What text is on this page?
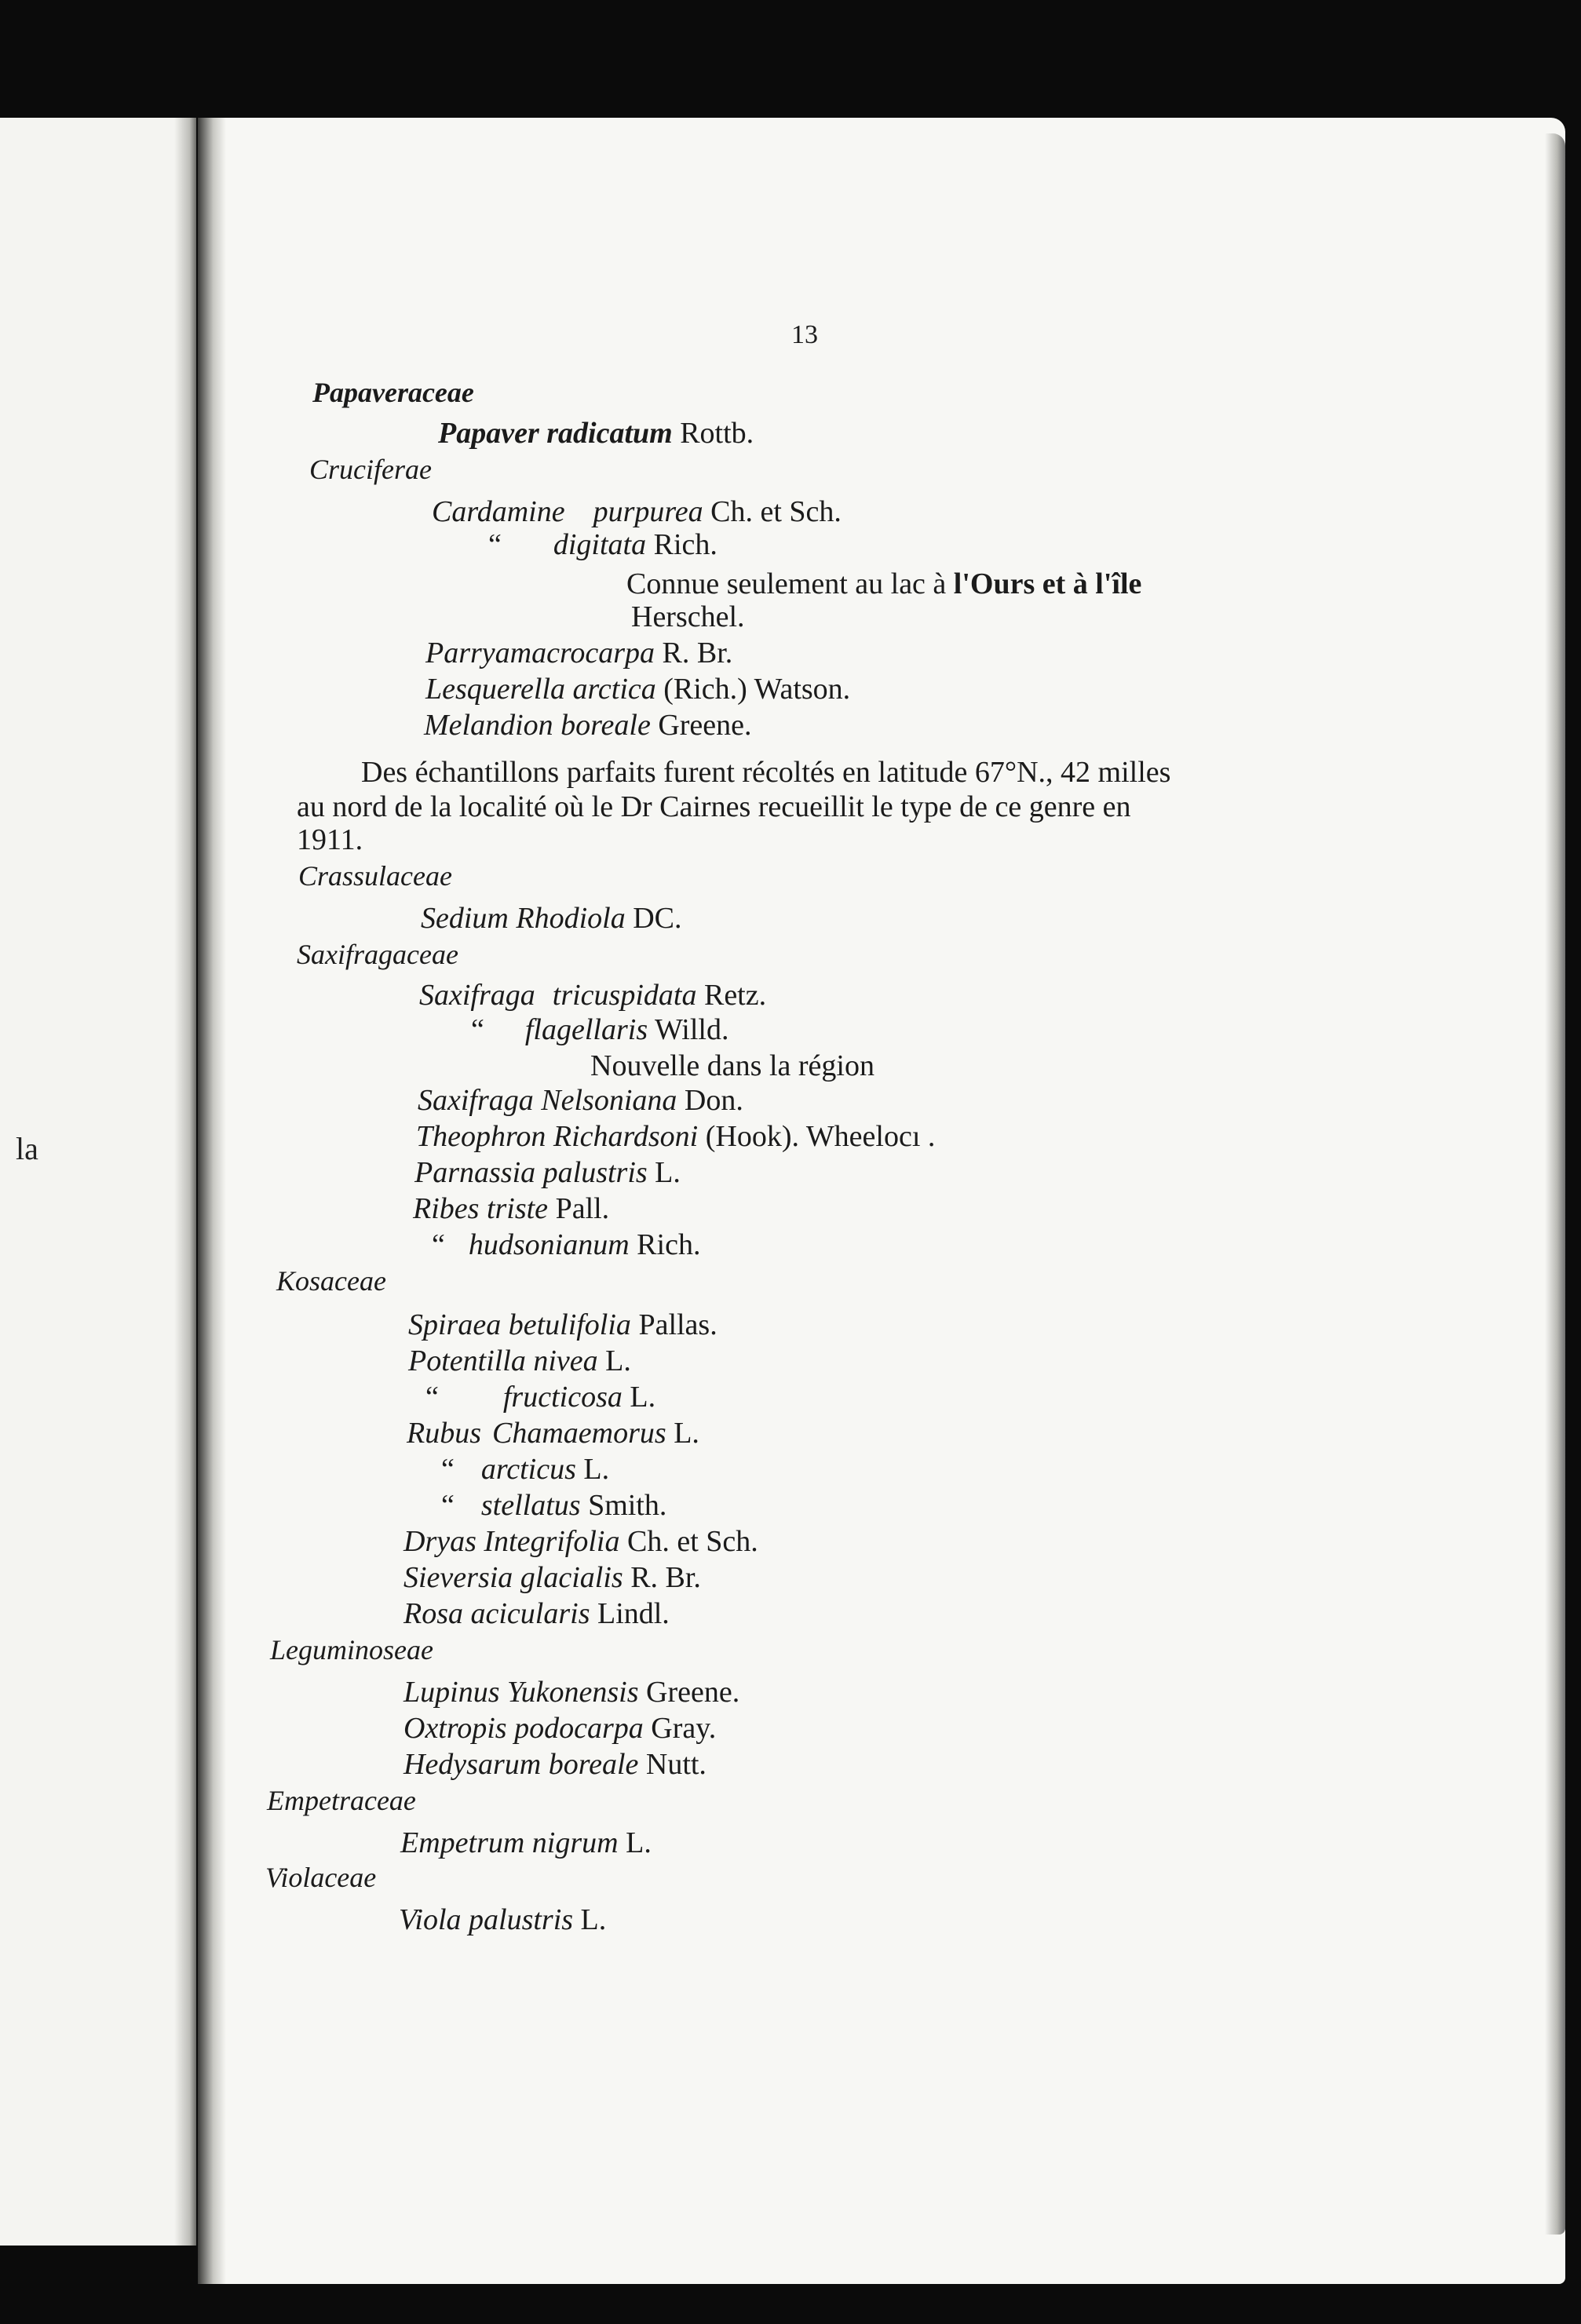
la
13
Papaveraceae
Papaver radicatum Rottb.
Cruciferae
Cardamine purpurea Ch. et Sch.
“ digitata Rich.
Connue seulement au lac à l'Ours et à l'île
Herschel.
Parryamacrocarpa R. Br.
Lesquerella arctica (Rich.) Watson.
Melandion boreale Greene.
Des échantillons parfaits furent récoltés en latitude 67°N., 42 milles
au nord de la localité où le Dr Cairnes recueillit le type de ce genre en
1911.
Crassulaceae
Sedium Rhodiola DC.
Saxifragaceae
Saxifraga tricuspidata Retz.
“ flagellaris Willd.
Nouvelle dans la région
Saxifraga Nelsoniana Don.
Theophron Richardsoni (Hook). Wheelocı .
Parnassia palustris L.
Ribes triste Pall.
“ hudsonianum Rich.
Kosaceae
Spiraea betulifolia Pallas.
Potentilla nivea L.
“ fructicosa L.
Rubus Chamaemorus L.
“ arcticus L.
“ stellatus Smith.
Dryas Integrifolia Ch. et Sch.
Sieversia glacialis R. Br.
Rosa acicularis Lindl.
Leguminoseae
Lupinus Yukonensis Greene.
Oxtropis podocarpa Gray.
Hedysarum boreale Nutt.
Empetraceae
Empetrum nigrum L.
Violaceae
Viola palustris L.
